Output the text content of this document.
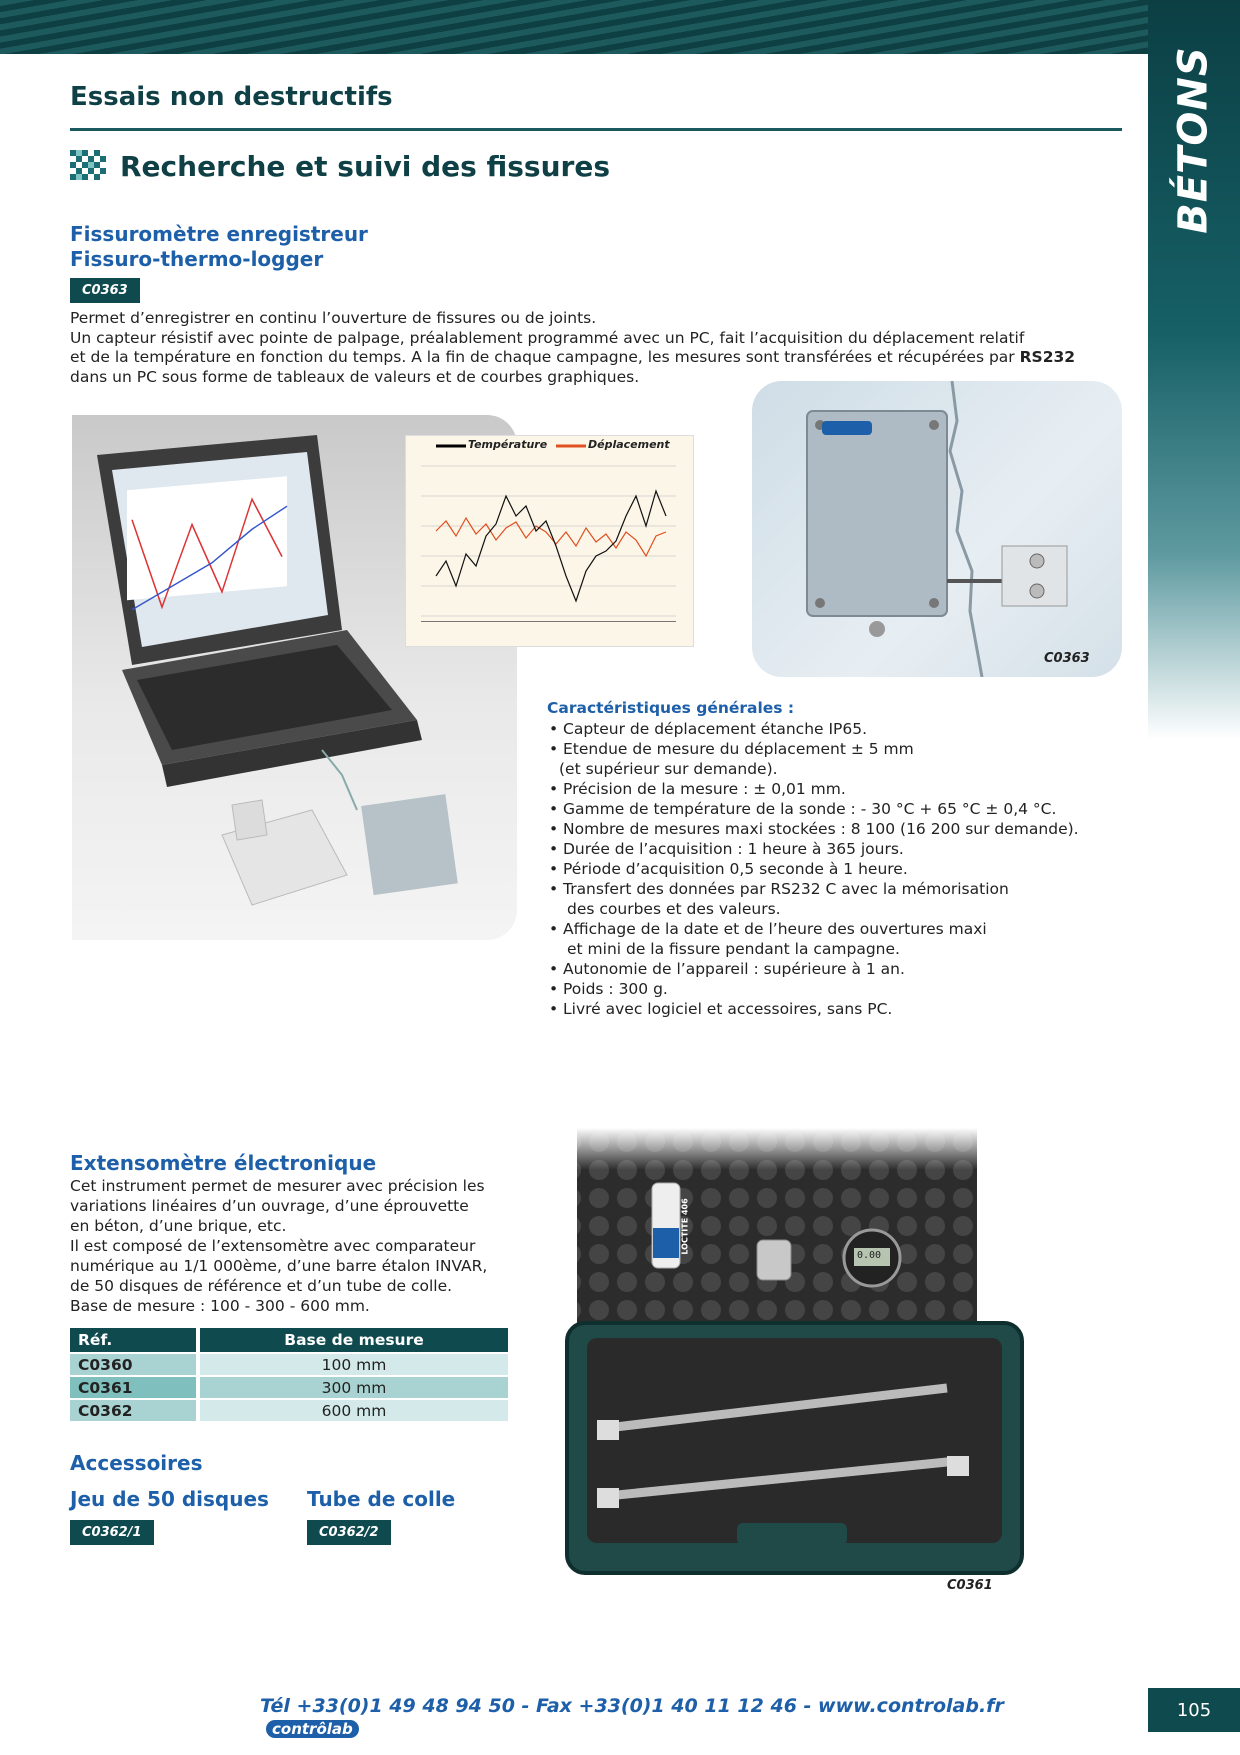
BÉTONS
Essais non destructifs
Recherche et suivi des fissures
Fissuromètre enregistreur
Fissuro-thermo-logger
C0363
Permet d’enregistrer en continu l’ouverture de fissures ou de joints.
Un capteur résistif avec pointe de palpage, préalablement programmé avec un PC, fait l’acquisition du déplacement relatif
et de la température en fonction du temps. A la fin de chaque campagne, les mesures sont transférées et récupérées par RS232
dans un PC sous forme de tableaux de valeurs et de courbes graphiques.
Température	Déplacement
C0363
Caractéristiques générales :
• Capteur de déplacement étanche IP65.
• Etendue de mesure du déplacement ± 5 mm
(et supérieur sur demande).
• Précision de la mesure : ± 0,01 mm.
• Gamme de température de la sonde : - 30 °C + 65 °C ± 0,4 °C.
• Nombre de mesures maxi stockées : 8 100 (16 200 sur demande).
• Durée de l’acquisition : 1 heure à 365 jours.
• Période d’acquisition 0,5 seconde à 1 heure.
• Transfert des données par RS232 C avec la mémorisation
des courbes et des valeurs.
• Affichage de la date et de l’heure des ouvertures maxi
et mini de la fissure pendant la campagne.
• Autonomie de l’appareil : supérieure à 1 an.
• Poids : 300 g.
• Livré avec logiciel et accessoires, sans PC.
Extensomètre électronique
Cet instrument permet de mesurer avec précision les
variations linéaires d’un ouvrage, d’une éprouvette
en béton, d’une brique, etc.
Il est composé de l’extensomètre avec comparateur
numérique au 1/1 000ème, d’une barre étalon INVAR,
de 50 disques de référence et d’un tube de colle.
Base de mesure : 100 - 300 - 600 mm.
Réf.	Base de mesure
C0360	100 mm
C0361	300 mm
C0362	600 mm
Accessoires
Jeu de 50 disques Tube de colle
C0362/1	C0362/2
LOCTITE 406
0.00
C0361
Tél +33(0)1 49 48 94 50 - Fax +33(0)1 40 11 12 46 - www.controlab.fr contrôlab
105
